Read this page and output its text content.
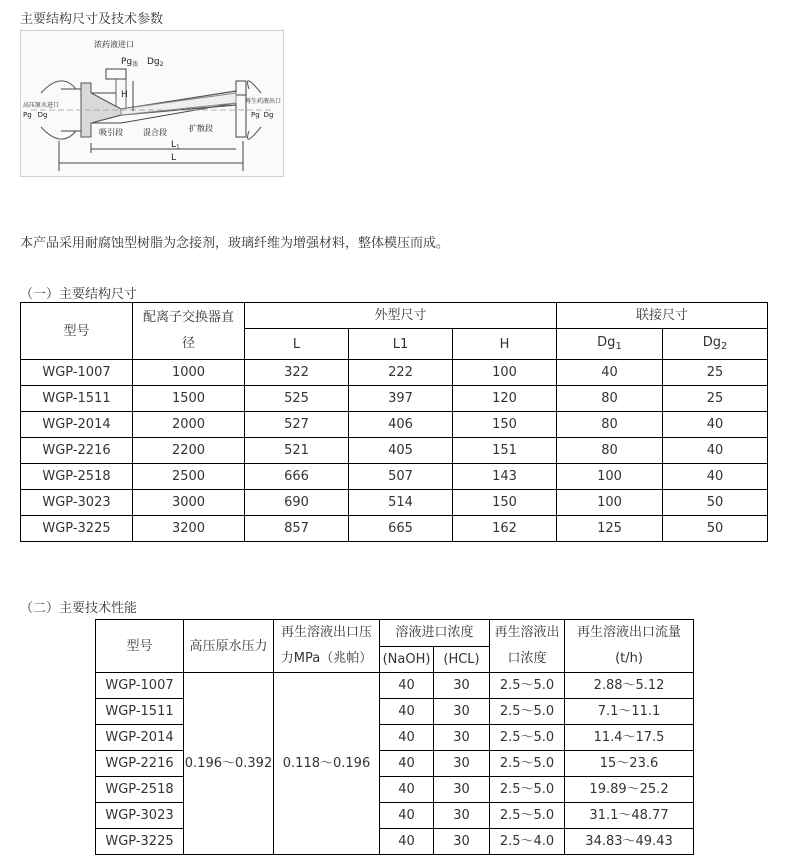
主要结构尺寸及技术参数
浓药液进口
$Pg_浓$ $Dg_2$
H
高压原水进口
Pg Dg
再生药液出口
Pg Dg
吸引段	混合段	扩散段
$L_1$
L
本产品采用耐腐蚀型树脂为念接剂，玻璃纤维为增强材料，整体模压而成。
（一）主要结构尺寸
型号	配离子交换器直
径	外型尺寸			联接尺寸	
		L	L1	H	$Dg_1$	$Dg_2$
WGP-1007	1000	322	222	100	40	25
WGP-1511	1500	525	397	120	80	25
WGP-2014	2000	527	406	150	80	40
WGP-2216	2200	521	405	151	80	40
WGP-2518	2500	666	507	143	100	40
WGP-3023	3000	690	514	150	100	50
WGP-3225	3200	857	665	162	125	50
（二）主要技术性能
型号	高压原水压力	再生溶液出口压
力MPa（兆帕）	溶液进口浓度		再生溶液出
口浓度	再生溶液出口流量
(t/h)
			(NaOH)	(HCL)		
WGP-1007	0.196～0.392	0.118～0.196	40	30	2.5～5.0	2.88～5.12
WGP-1511			40	30	2.5～5.0	7.1～11.1
WGP-2014			40	30	2.5～5.0	11.4～17.5
WGP-2216			40	30	2.5～5.0	15～23.6
WGP-2518			40	30	2.5～5.0	19.89～25.2
WGP-3023			40	30	2.5～5.0	31.1～48.77
WGP-3225			40	30	2.5～4.0	34.83～49.43
